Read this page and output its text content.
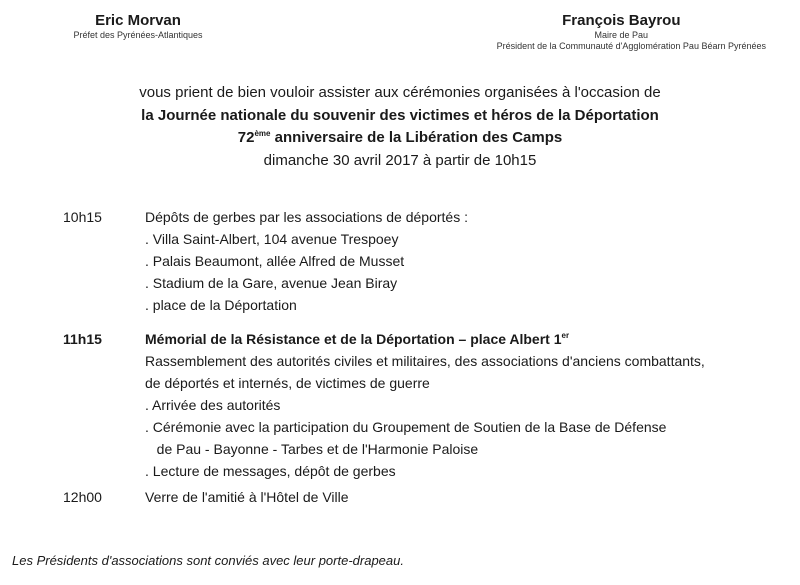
Eric Morvan
Préfet des Pyrénées-Atlantiques
François Bayrou
Maire de Pau
Président de la Communauté d'Agglomération Pau Béarn Pyrénées
vous prient de bien vouloir assister aux cérémonies organisées à l'occasion de
la Journée nationale du souvenir des victimes et héros de la Déportation
72ème anniversaire de la Libération des Camps
dimanche 30 avril 2017 à partir de 10h15
10h15	Dépôts de gerbes par les associations de déportés :
. Villa Saint-Albert, 104 avenue Trespoey
. Palais Beaumont, allée Alfred de Musset
. Stadium de la Gare, avenue Jean Biray
. place de la Déportation
11h15	Mémorial de la Résistance et de la Déportation – place Albert 1er
Rassemblement des autorités civiles et militaires, des associations d'anciens combattants,
de déportés et internés, de victimes de guerre
. Arrivée des autorités
. Cérémonie avec la participation du Groupement de Soutien de la Base de Défense
de Pau - Bayonne - Tarbes et de l'Harmonie Paloise
. Lecture de messages, dépôt de gerbes
12h00	Verre de l'amitié à l'Hôtel de Ville
Les Présidents d'associations sont conviés avec leur porte-drapeau.
